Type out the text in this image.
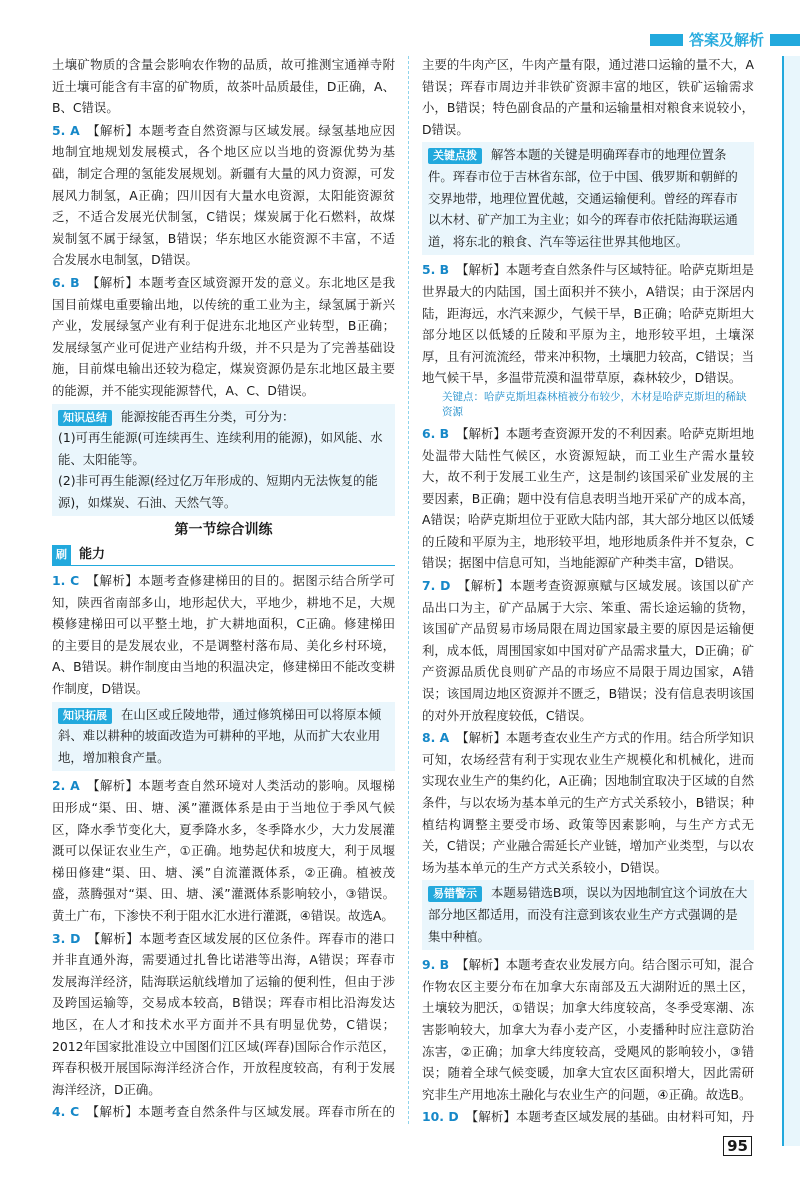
答案及解析

土壤矿物质的含量会影响农作物的品质，故可推测宝通禅寺附近土壤可能含有丰富的矿物质，故茶叶品质最佳，D正确，A、B、C错误。

5. A 【解析】本题考查自然资源与区域发展。绿氢基地应因地制宜地规划发展模式，各个地区应以当地的资源优势为基础，制定合理的氢能发展规划。新疆有大量的风力资源，可发展风力制氢，A正确；四川因有大量水电资源，太阳能资源贫乏，不适合发展光伏制氢，C错误；煤炭属于化石燃料，故煤炭制氢不属于绿氢，B错误；华东地区水能资源不丰富，不适合发展水电制氢，D错误。

6. B 【解析】本题考查区域资源开发的意义。东北地区是我国目前煤电重要输出地，以传统的重工业为主，绿氢属于新兴产业，发展绿氢产业有利于促进东北地区产业转型，B正确；发展绿氢产业可促进产业结构升级，并不只是为了完善基础设施，目前煤电输出还较为稳定，煤炭资源仍是东北地区最主要的能源，并不能实现能源替代，A、C、D错误。

知识总结 能源按能否再生分类，可分为：
(1)可再生能源(可连续再生、连续利用的能源)，如风能、水能、太阳能等。
(2)非可再生能源(经过亿万年形成的、短期内无法恢复的能源)，如煤炭、石油、天然气等。
第一节综合训练
刷 能力

1. C 【解析】本题考查修建梯田的目的。据图示结合所学可知，陕西省南部多山，地形起伏大，平地少，耕地不足，大规模修建梯田可以平整土地，扩大耕地面积，C正确。修建梯田的主要目的是发展农业，不是调整村落布局、美化乡村环境，A、B错误。耕作制度由当地的积温决定，修建梯田不能改变耕作制度，D错误。

知识拓展 在山区或丘陵地带，通过修筑梯田可以将原本倾斜、难以耕种的坡面改造为可耕种的平地，从而扩大农业用地，增加粮食产量。

2. A 【解析】本题考查自然环境对人类活动的影响。凤堰梯田形成“渠、田、塘、溪”灌溉体系是由于当地位于季风气候区，降水季节变化大，夏季降水多，冬季降水少，大力发展灌溉可以保证农业生产，①正确。地势起伏和坡度大，利于凤堰梯田修建“渠、田、塘、溪”自流灌溉体系，②正确。植被茂盛，蒸腾强对“渠、田、塘、溪”灌溉体系影响较小，③错误。黄土广布，下渗快不利于阻水汇水进行灌溉，④错误。故选A。

3. D 【解析】本题考查区域发展的区位条件。珲春市的港口并非直通外海，需要通过扎鲁比诺港等出海，A错误；珲春市发展海洋经济，陆海联运航线增加了运输的便利性，但由于涉及跨国运输等，交易成本较高，B错误；珲春市相比沿海发达地区，在人才和技术水平方面并不具有明显优势，C错误；2012年国家批准设立中国图们江区域(珲春)国际合作示范区，珲春积极开展国际海洋经济合作，开放程度较高，有利于发展海洋经济，D正确。

4. C 【解析】本题考查自然条件与区域发展。珲春市所在的

主要的牛肉产区，牛肉产量有限，通过港口运输的量不大，A错误；珲春市周边并非铁矿资源丰富的地区，铁矿运输需求小，B错误；特色副食品的产量和运输量相对粮食来说较小，D错误。

关键点拨 解答本题的关键是明确珲春市的地理位置条件。珲春市位于吉林省东部，位于中国、俄罗斯和朝鲜的交界地带，地理位置优越，交通运输便利。曾经的珲春市以木材、矿产加工为主业；如今的珲春市依托陆海联运通道，将东北的粮食、汽车等运往世界其他地区。

5. B 【解析】本题考查自然条件与区域特征。哈萨克斯坦是世界最大的内陆国，国土面积并不狭小，A错误；由于深居内陆，距海远，水汽来源少，气候干旱，B正确；哈萨克斯坦大部分地区以低矮的丘陵和平原为主，地形较平坦，土壤深厚，且有河流流经，带来冲积物，土壤肥力较高，C错误；当地气候干旱，多温带荒漠和温带草原，森林较少，D错误。

关键点：哈萨克斯坦森林植被分布较少，木材是哈萨克斯坦的稀缺资源

6. B 【解析】本题考查资源开发的不利因素。哈萨克斯坦地处温带大陆性气候区，水资源短缺，而工业生产需水量较大，故不利于发展工业生产，这是制约该国采矿业发展的主要因素，B正确；题中没有信息表明当地开采矿产的成本高，A错误；哈萨克斯坦位于亚欧大陆内部，其大部分地区以低矮的丘陵和平原为主，地形较平坦，地形地质条件并不复杂，C错误；据图中信息可知，当地能源矿产种类丰富，D错误。

7. D 【解析】本题考查资源禀赋与区域发展。该国以矿产品出口为主，矿产品属于大宗、笨重、需长途运输的货物，该国矿产品贸易市场局限在周边国家最主要的原因是运输便利，成本低，周围国家如中国对矿产品需求量大，D正确；矿产资源品质优良则矿产品的市场应不局限于周边国家，A错误；该国周边地区资源并不匮乏，B错误；没有信息表明该国的对外开放程度较低，C错误。

8. A 【解析】本题考查农业生产方式的作用。结合所学知识可知，农场经营有利于实现农业生产规模化和机械化，进而实现农业生产的集约化，A正确；因地制宜取决于区域的自然条件，与以农场为基本单元的生产方式关系较小，B错误；种植结构调整主要受市场、政策等因素影响，与生产方式无关，C错误；产业融合需延长产业链，增加产业类型，与以农场为基本单元的生产方式关系较小，D错误。

易错警示 本题易错选B项，误以为因地制宜这个词放在大部分地区都适用，而没有注意到该农业生产方式强调的是集中种植。

9. B 【解析】本题考查农业发展方向。结合图示可知，混合作物农区主要分布在加拿大东南部及五大湖附近的黑土区，土壤较为肥沃，①错误；加拿大纬度较高，冬季受寒潮、冻害影响较大，加拿大为春小麦产区，小麦播种时应注意防治冻害，②正确；加拿大纬度较高，受飓风的影响较小，③错误；随着全球气候变暖，加拿大宜农区面积增大，因此需研究非生产用地冻土融化与农业生产的问题，④正确。故选B。

10. D 【解析】本题考查区域发展的基础。由材料可知，丹

95
